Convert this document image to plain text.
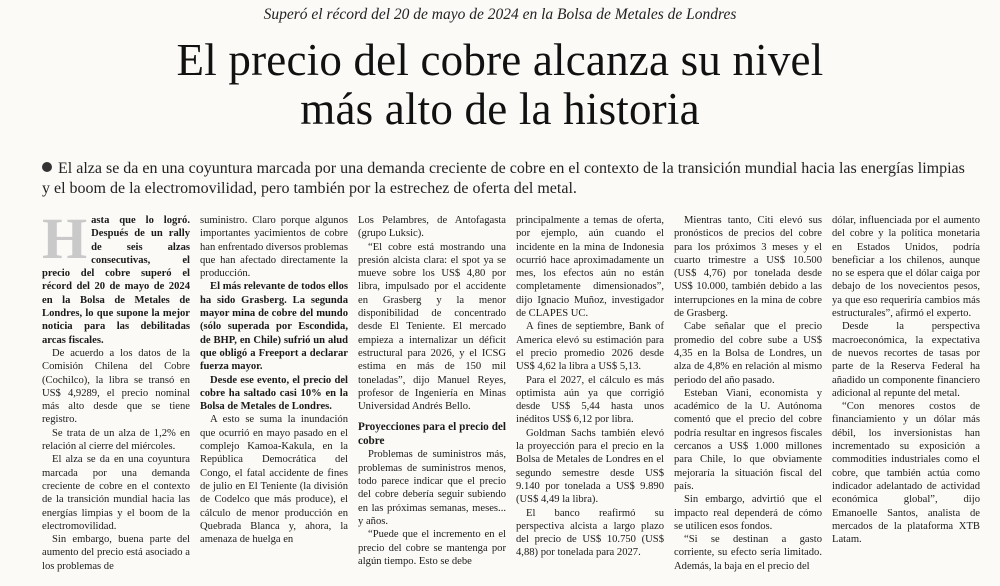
Superó el récord del 20 de mayo de 2024 en la Bolsa de Metales de Londres
El precio del cobre alcanza su nivel
más alto de la historia
El alza se da en una coyuntura marcada por una demanda creciente de cobre en el contexto de la transición mundial hacia las energías limpias y el boom de la electromovilidad, pero también por la estrechez de oferta del metal.

Hasta que lo logró. Después de un rally de seis alzas consecutivas, el precio del cobre superó el récord del 20 de mayo de 2024 en la Bolsa de Metales de Londres, lo que supone la mejor noticia para las debilitadas arcas fiscales.

De acuerdo a los datos de la Comisión Chilena del Cobre (Cochilco), la libra se transó en US$ 4,9289, el precio nominal más alto desde que se tiene registro.

Se trata de un alza de 1,2% en relación al cierre del miércoles.

El alza se da en una coyuntura marcada por una demanda creciente de cobre en el contexto de la transición mundial hacia las energías limpias y el boom de la electromovilidad.

Sin embargo, buena parte del aumento del precio está asociado a los problemas de

suministro. Claro porque algunos importantes yacimientos de cobre han enfrentado diversos problemas que han afectado directamente la producción.

El más relevante de todos ellos ha sido Grasberg. La segunda mayor mina de cobre del mundo (sólo superada por Escondida, de BHP, en Chile) sufrió un alud que obligó a Freeport a declarar fuerza mayor.

Desde ese evento, el precio del cobre ha saltado casi 10% en la Bolsa de Metales de Londres.

A esto se suma la inundación que ocurrió en mayo pasado en el complejo Kamoa-Kakula, en la República Democrática del Congo, el fatal accidente de fines de julio en El Teniente (la división de Codelco que más produce), el cálculo de menor producción en Quebrada Blanca y, ahora, la amenaza de huelga en

Los Pelambres, de Antofagasta (grupo Luksic).

“El cobre está mostrando una presión alcista clara: el spot ya se mueve sobre los US$ 4,80 por libra, impulsado por el accidente en Grasberg y la menor disponibilidad de concentrado desde El Teniente. El mercado empieza a internalizar un déficit estructural para 2026, y el ICSG estima en más de 150 mil toneladas”, dijo Manuel Reyes, profesor de Ingeniería en Minas Universidad Andrés Bello.

Proyecciones para el precio del cobre

Problemas de suministros más, problemas de suministros menos, todo parece indicar que el precio del cobre debería seguir subiendo en las próximas semanas, meses... y años.

“Puede que el incremento en el precio del cobre se mantenga por algún tiempo. Esto se debe

principalmente a temas de oferta, por ejemplo, aún cuando el incidente en la mina de Indonesia ocurrió hace aproximadamente un mes, los efectos aún no están completamente dimensionados”, dijo Ignacio Muñoz, investigador de CLAPES UC.

A fines de septiembre, Bank of America elevó su estimación para el precio promedio 2026 desde US$ 4,62 la libra a US$ 5,13.

Para el 2027, el cálculo es más optimista aún ya que corrigió desde US$ 5,44 hasta unos inéditos US$ 6,12 por libra.

Goldman Sachs también elevó la proyección para el precio en la Bolsa de Metales de Londres en el segundo semestre desde US$ 9.140 por tonelada a US$ 9.890 (US$ 4,49 la libra).

El banco reafirmó su perspectiva alcista a largo plazo del precio de US$ 10.750 (US$ 4,88) por tonelada para 2027.

Mientras tanto, Citi elevó sus pronósticos de precios del cobre para los próximos 3 meses y el cuarto trimestre a US$ 10.500 (US$ 4,76) por tonelada desde US$ 10.000, también debido a las interrupciones en la mina de cobre de Grasberg.

Cabe señalar que el precio promedio del cobre sube a US$ 4,35 en la Bolsa de Londres, un alza de 4,8% en relación al mismo periodo del año pasado.

Esteban Viani, economista y académico de la U. Autónoma comentó que el precio del cobre podría resultar en ingresos fiscales cercanos a US$ 1.000 millones para Chile, lo que obviamente mejoraría la situación fiscal del país.

Sin embargo, advirtió que el impacto real dependerá de cómo se utilicen esos fondos.

“Si se destinan a gasto corriente, su efecto sería limitado. Además, la baja en el precio del

dólar, influenciada por el aumento del cobre y la política monetaria en Estados Unidos, podría beneficiar a los chilenos, aunque no se espera que el dólar caiga por debajo de los novecientos pesos, ya que eso requeriría cambios más estructurales”, afirmó el experto.

Desde la perspectiva macroeconómica, la expectativa de nuevos recortes de tasas por parte de la Reserva Federal ha añadido un componente financiero adicional al repunte del metal.

“Con menores costos de financiamiento y un dólar más débil, los inversionistas han incrementado su exposición a commodities industriales como el cobre, que también actúa como indicador adelantado de actividad económica global”, dijo Emanoelle Santos, analista de mercados de la plataforma XTB Latam.
